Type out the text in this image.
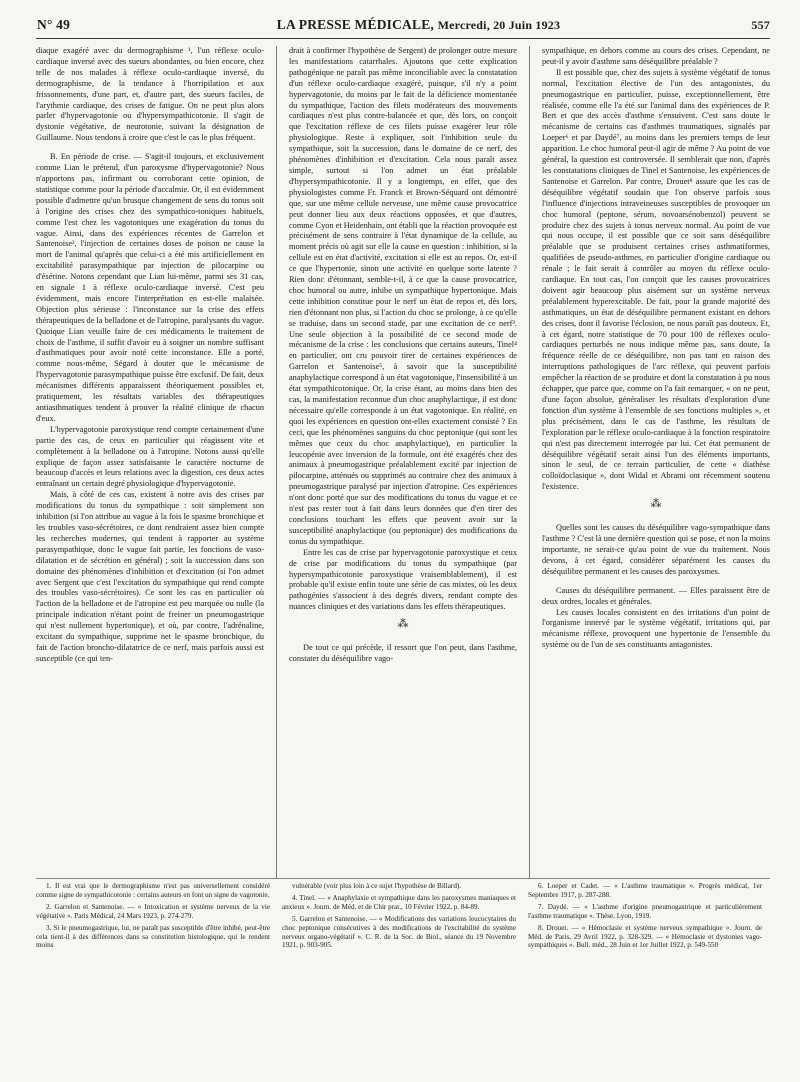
N° 49	LA PRESSE MÉDICALE, Mercredi, 20 Juin 1923	557

diaque exagéré avec du dermographisme ¹, l'un réflexe oculo-cardiaque inversé avec des sueurs abondantes, ou bien encore, chez telle de nos malades à réflexe oculo-cardiaque inversé, du dermographisme, de la tendance à l'horripilation et aux frissonnements, d'une part, et, d'autre part, des sueurs faciles, de l'arythmie cardiaque, des crises de fatigue. On ne peut plus alors parler d'hypervagotonie ou d'hypersympathicotonie. Il s'agit de dystonie végétative, de neurotonie, suivant la désignation de Guillaume. Nous tendons à croire que c'est le cas le plus fréquent.

B. En période de crise. — S'agit-il toujours, et exclusivement comme Lian le prétend, d'un paroxysme d'hypervagotonie? Nous n'apportons pas, infirmant ou corroborant cette opinion, de statistique comme pour la période d'accalmie. Or, il est évidemment possible d'admettre qu'un brusque changement de sens du tonus soit à l'origine des crises chez des sympathico-toniques habituels, comme l'est chez les vagotoniques une exagération du tonus du vague. Ainsi, dans des expériences récentes de Garrelon et Santenoise², l'injection de certaines doses de poison ne cause la mort de l'animal qu'après que celui-ci a été mis artificiellement en excitabilité parasympathique par injection de pilocarpine ou d'ésérine. Notons cependant que Lian lui-même, parmi ses 31 cas, en signale 1 à réflexe oculo-cardiaque inversé. C'est peu évidemment, mais encore l'interprétation en est-elle malaisée. Objection plus sérieuse : l'inconstance sur la crise des effets thérapeutiques de la belladone et de l'atropine, paralysants du vague. Quoique Lian veuille faire de ces médicaments le traitement de choix de l'asthme, il suffit d'avoir eu à soigner un nombre suffisant d'asthmatiques pour avoir noté cette inconstance. Elle a porté, comme nous-même, Ségard à douter que le mécanisme de l'hypervagotonie parasympathique puisse être exclusif. De fait, deux mécanismes différents apparaissent théoriquement possibles et, pratiquement, les résultats variables des thérapeutiques antiasthmatiques tendent à prouver la réalité clinique de chacun d'eux.

L'hypervagotonie paroxystique rend compte certainement d'une partie des cas, de ceux en particulier qui réagissent vite et complètement à la belladone ou à l'atropine. Notons aussi qu'elle explique de façon assez satisfaisante le caractère nocturne de beaucoup d'accès et leurs relations avec la digestion, ces deux actes entraînant un certain degré physiologique d'hypervagotonie.

Mais, à côté de ces cas, existent à notre avis des crises par modifications du tonus du sympathique : soit simplement son inhibition (si l'on attribue au vague à la fois le spasme bronchique et les troubles vaso-sécrétoires, ce dont rendraient assez bien compte les recherches modernes, qui tendent à rapporter au système parasympathique, donc le vague fait partie, les fonctions de vaso-dilatation et de sécrétion en général) ; soit la succession dans son domaine des phénomènes d'inhibition et d'excitation (si l'on admet avec Sergent que c'est l'excitation du sympathique qui rend compte des troubles vaso-sécrétoires). Ce sont les cas en particulier où l'action de la belladone et de l'atropine est peu marquée ou nulle (la principale indication n'étant point de freiner un pneumogastrique qui n'est nullement hypertonique), et où, par contre, l'adrénaline, excitant du sympathique, supprime net le spasme bronchique, du fait de l'action broncho-dilatatrice de ce nerf, mais parfois aussi est susceptible (ce qui ten-

drait à confirmer l'hypothèse de Sergent) de prolonger outre mesure les manifestations catarrhales. Ajoutons que cette explication pathogénique ne paraît pas même inconciliable avec la constatation d'un réflexe oculo-cardiaque exagéré, puisque, s'il n'y a point hypervagotonie, du moins par le fait de la déficience momentanée du sympathique, l'action des filets modérateurs des mouvements cardiaques n'est plus contre-balancée et que, dès lors, on conçoit que l'excitation réflexe de ces filets puisse exagérer leur rôle physiologique. Reste à expliquer, soit l'inhibition seule du sympathique, soit la succession, dans le domaine de ce nerf, des phénomènes d'inhibition et d'excitation. Cela nous paraît assez simple, surtout si l'on admet un état préalable d'hypersympathicotonie. Il y a longtemps, en effet, que des physiologistes comme Fr. Franck et Brown-Séquard ont démontré que, sur une même cellule nerveuse, une même cause provocatrice peut donner lieu aux deux réactions opposées, et que d'autres, comme Cyon et Heidenhain, ont établi que la réaction provoquée est précisément de sens contraire à l'état dynamique de la cellule, au moment précis où agit sur elle la cause en question : inhibition, si la cellule est en état d'activité, excitation si elle est au repos. Or, est-il ce que l'hypertonie, sinon une activité en quelque sorte latente ? Rien donc d'étonnant, semble-t-il, à ce que la cause provocatrice, choc humoral ou autre, inhibe un sympathique hypertonique. Mais cette inhibition constitue pour le nerf un état de repos et, dès lors, rien d'étonnant non plus, si l'action du choc se prolonge, à ce qu'elle se traduise, dans un second stade, par une excitation de ce nerf³. Une seule objection à la possibilité de ce second mode de mécanisme de la crise : les conclusions que certains auteurs, Tinel⁴ en particulier, ont cru pouvoir tirer de certaines expériences de Garrelon et Santenoise⁵, à savoir que la susceptibilité anaphylactique correspond à un état vagotonique, l'insensibilité à un état sympathicotonique. Or, la crise étant, au moins dans bien des cas, la manifestation reconnue d'un choc anaphylactique, il est donc nécessaire qu'elle corresponde à un état vagotonique. En réalité, en quoi les expériences en question ont-elles exactement consisté ? En ceci, que les phénomènes sanguins du choc peptonique (qui sont les mêmes que ceux du choc anaphylactique), en particulier la leucopénie avec inversion de la formule, ont été exagérés chez des animaux à pneumogastrique préalablement excité par injection de pilocarpine, atténués ou supprimés au contraire chez des animaux à pneumogastrique paralysé par injection d'atropine. Ces expériences n'ont donc porté que sur des modifications du tonus du vague et ce n'est pas rester tout à fait dans leurs données que d'en tirer des conclusions touchant les effets que peuvent avoir sur la susceptibilité anaphylactique (ou peptonique) des modifications du tonus du sympathique.

Entre les cas de crise par hypervagotonie paroxystique et ceux de crise par modifications du tonus du sympathique (par hypersympathicotonie paroxystique vraisemblablement), il est probable qu'il existe enfin toute une série de cas mixtes, où les deux pathogénies s'associent à des degrés divers, rendant compte des nuances cliniques et des variations dans les effets thérapeutiques.

⁂

De tout ce qui précède, il ressort que l'on peut, dans l'asthme, constater du déséquilibre vago-

sympathique, en dehors comme au cours des crises. Cependant, ne peut-il y avoir d'asthme sans déséquilibre préalable ?

Il est possible que, chez des sujets à système végétatif de tonus normal, l'excitation élective de l'un des antagonistes, du pneumogastrique en particulier, puisse, exceptionnellement, être réalisée, comme elle l'a été sur l'animal dans des expériences de P. Bert et que des accès d'asthme s'ensuivent. C'est sans doute le mécanisme de certains cas d'asthmes traumatiques, signalés par Loeper⁶ et par Daydé⁷, au moins dans les premiers temps de leur apparition. Le choc humoral peut-il agir de même ? Au point de vue général, la question est controversée. Il semblerait que non, d'après les constatations cliniques de Tinel et Santenoise, les expériences de Santenoise et Garrelon. Par contre, Drouet⁸ assure que les cas de déséquilibre végétatif soudain que l'on observe parfois sous l'influence d'injections intraveineuses susceptibles de provoquer un choc humoral (peptone, sérum, novoarsénobenzol) peuvent se produire chez des sujets à tonus nerveux normal. Au point de vue qui nous occupe, il est possible que ce soit sans déséquilibre préalable que se produisent certaines crises asthmatiformes, qualifiées de pseudo-asthmes, en particulier d'origine cardiaque ou rénale ; le fait serait à contrôler au moyen du réflexe oculo-cardiaque. En tout cas, l'on conçoit que les causes provocatrices doivent agir beaucoup plus aisément sur un système nerveux préalablement hyperexcitable. De fait, pour la grande majorité des asthmatiques, un état de déséquilibre permanent existant en dehors des crises, dont il favorise l'éclosion, ne nous paraît pas douteux. Et, à cet égard, notre statistique de 70 pour 100 de réflexes oculo-cardiaques perturbés ne nous indique même pas, sans doute, la fréquence réelle de ce déséquilibre, non pas tant en raison des interruptions pathologiques de l'arc réflexe, qui peuvent parfois empêcher la réaction de se produire et dont la constatation à pu nous échapper, que parce que, comme on l'a fait remarquer, « on ne peut, d'une façon absolue, généraliser les résultats d'exploration d'une fonction d'un système à l'ensemble de ses fonctions multiples », et plus précisément, dans le cas de l'asthme, les résultats de l'exploration par le réflexe oculo-cardiaque à la fonction respiratoire qui n'est pas directement interrogée par lui. Cet état permanent de déséquilibre végétatif serait ainsi l'un des éléments importants, sinon le seul, de ce terrain particulier, de cette « diathèse colloïdoclasique », dont Widal et Abrami ont récemment soutenu l'existence.

⁂

Quelles sont les causes du déséquilibre vago-sympathique dans l'asthme ? C'est là une dernière question qui se pose, et non la moins importante, ne serait-ce qu'au point de vue du traitement. Nous devons, à cet égard, considérer séparément les causes du déséquilibre permanent et les causes des paroxysmes.

Causes du déséquilibre permanent. — Elles paraissent être de deux ordres, locales et générales.

Les causes locales consistent en des irritations d'un point de l'organisme innervé par le système végétatif, irritations qui, par mécanisme réflexe, provoquent une hypertonie de l'ensemble du système ou de l'un de ses constituants antagonistes.

1. Il est vrai que le dermographisme n'est pas universellement considéré comme signe de sympathicotonie : certains auteurs en font un signe de vagotonie.

2. Garrelon et Santenoise. — « Intoxication et système nerveux de la vie végétative ». Paris Médical, 24 Mars 1923, p. 274-279.

3. Si le pneumogastrique, lui, ne paraît pas susceptible d'être inhibé, peut-être cela tient-il à des différences dans sa constitution histologique, qui le rendent moins

vulnérable (voir plus loin à ce sujet l'hypothèse de Billard).

4. Tinel. — « Anaphylaxie et sympathique dans les paroxysmes maniaques et anxieux ». Journ. de Méd. et de Chir prat., 10 Février 1922, p. 84-89.

5. Garrelon et Santenoise. — « Modifications des variations leucocytaires du choc peptonique consécutives à des modifications de l'excitabilité du système nerveux organo-végétatif ». C. R. de la Soc. de Biol., séance du 19 Novembre 1921, p. 903-905.

6. Loeper et Cadet. — « L'asthme traumatique ». Progrès médical, 1er Septembre 1917, p. 287-288.

7. Daydé. — « L'asthme d'origine pneumogastrique et particulièrement l'asthme traumatique ». Thèse, Lyon, 1919.

8. Drouet. — « Hémoclasie et système nerveux sympathique ». Journ. de Méd. de Paris, 29 Avril 1922, p. 328-329. — « Hémoclasie et dystonies vago-sympathiques ». Bull. méd., 28 Juin et 1er Juillet 1922, p. 549-550
